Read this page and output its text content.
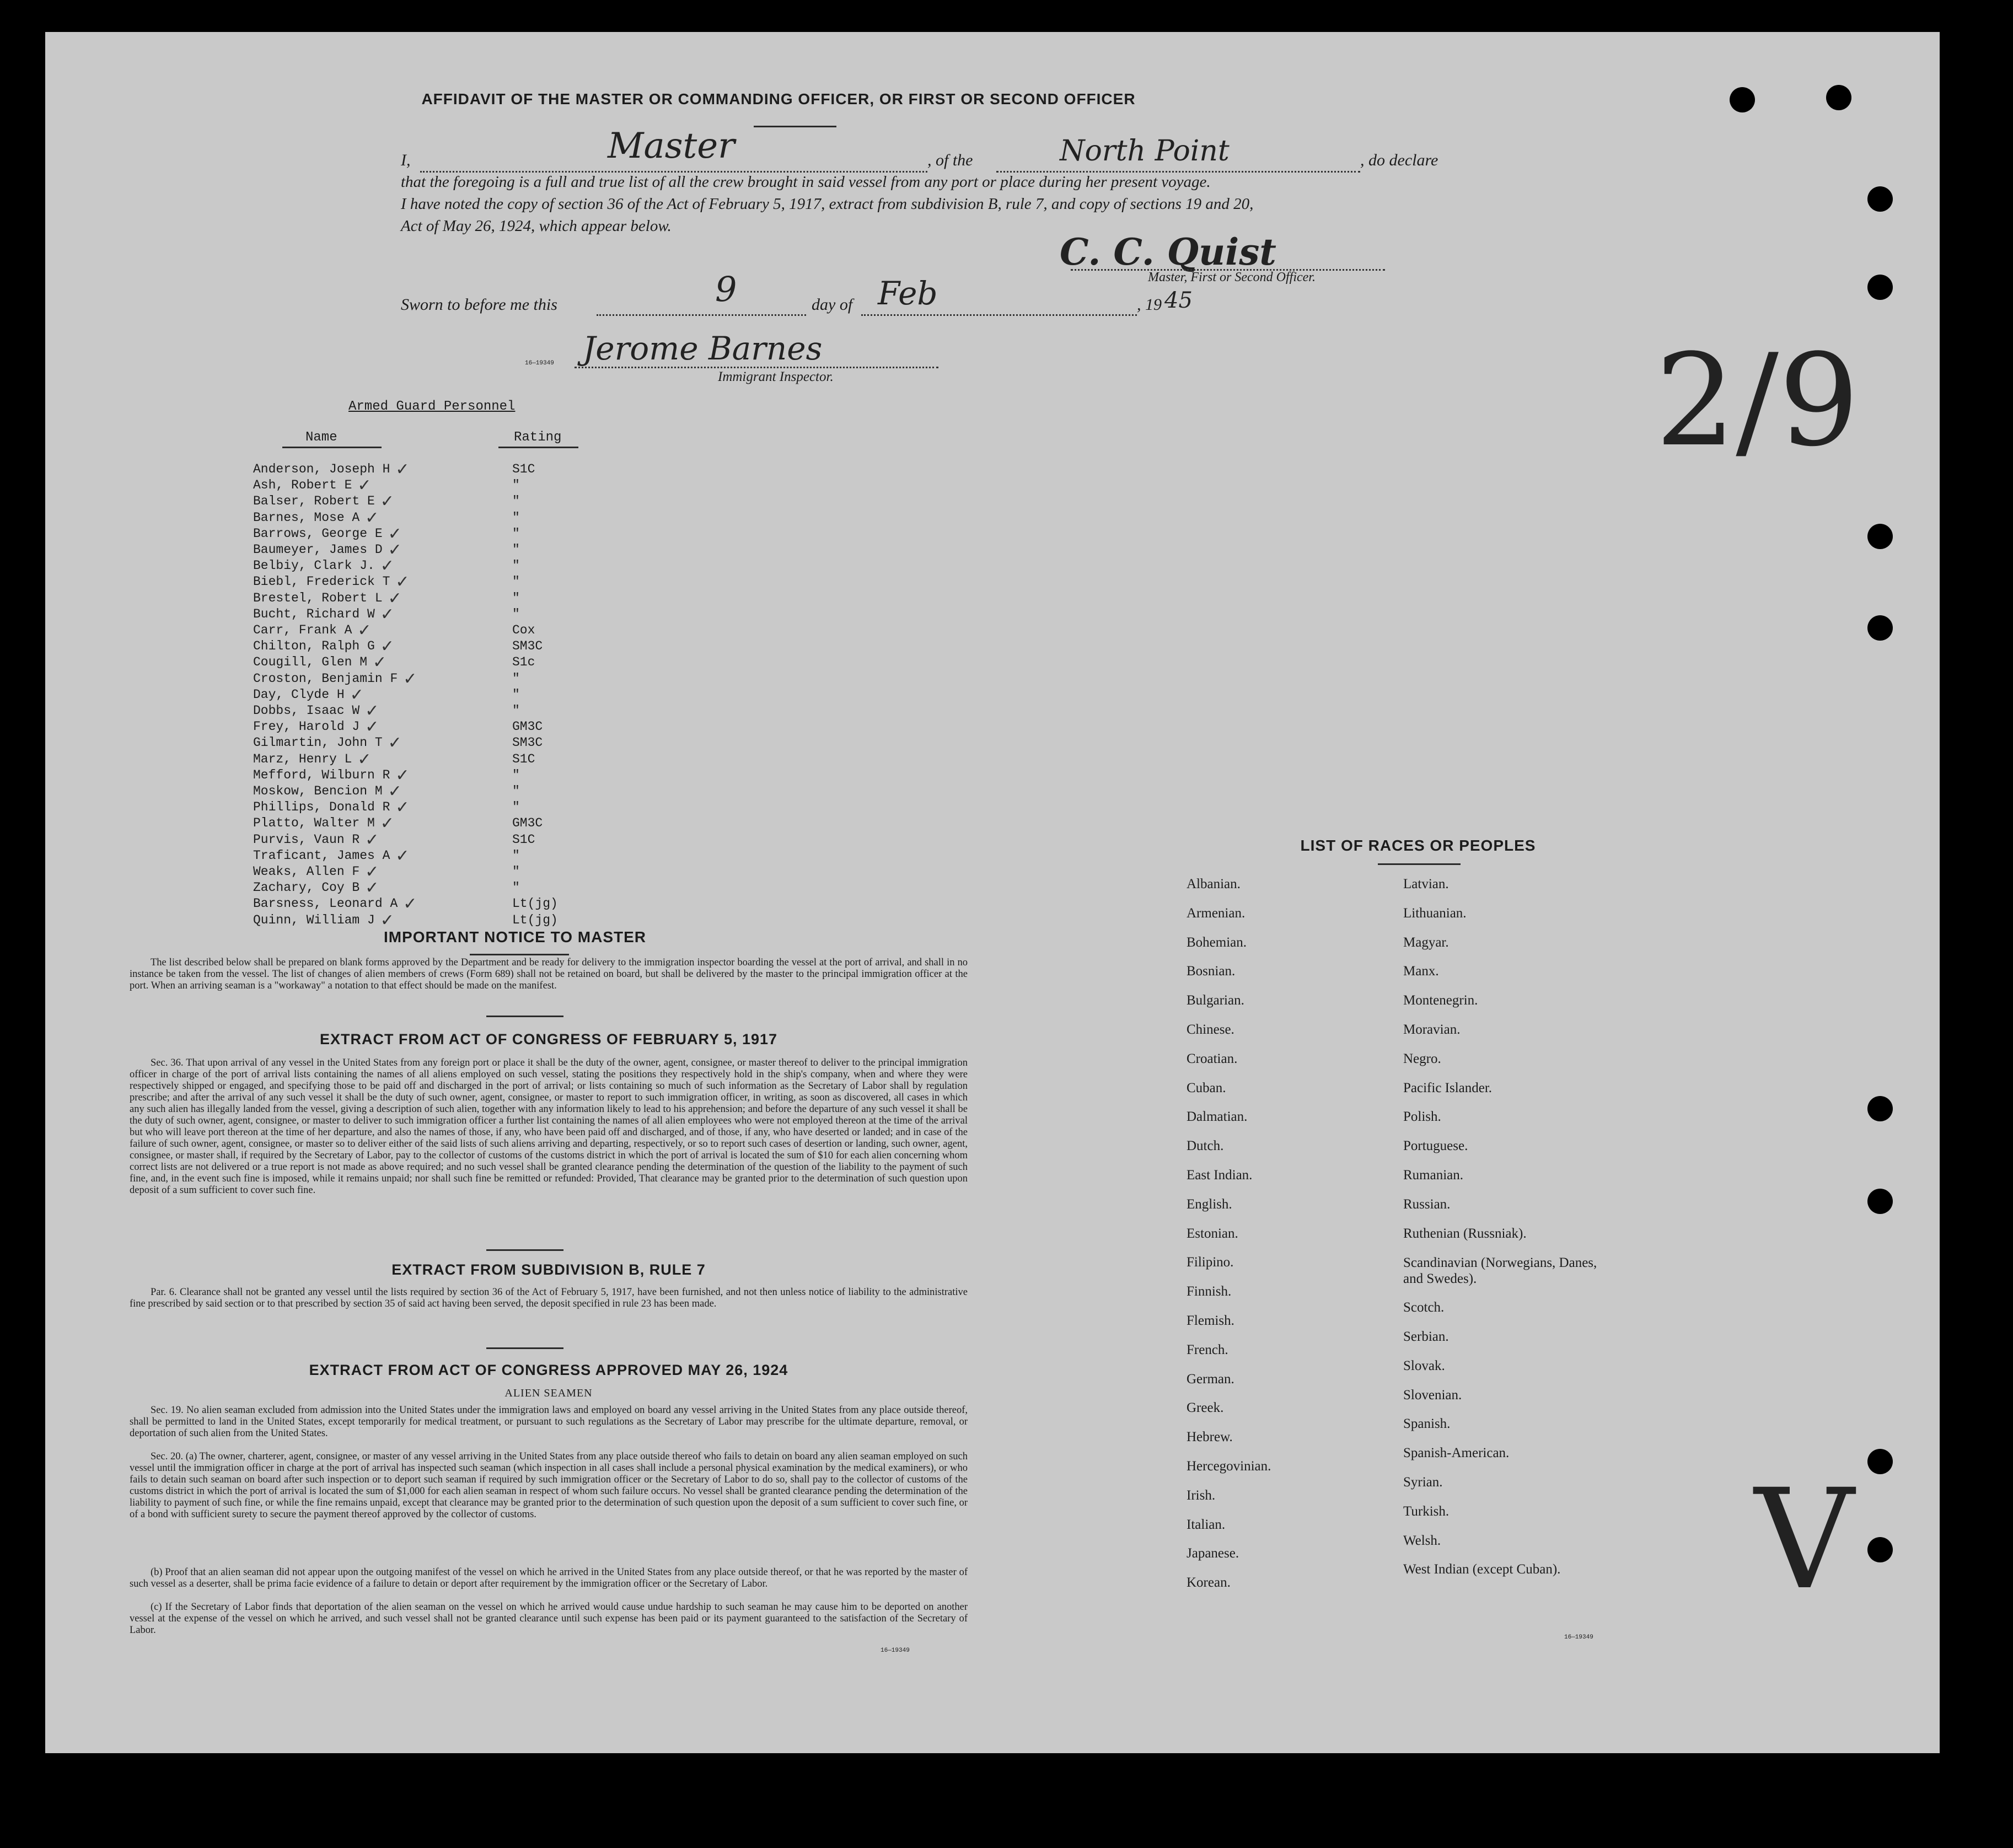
AFFIDAVIT OF THE MASTER OR COMMANDING OFFICER, OR FIRST OR SECOND OFFICER
I,	Master	, of the	North Point	, do declare
that the foregoing is a full and true list of all the crew brought in said vessel from any port or place during her present voyage.
I have noted the copy of section 36 of the Act of February 5, 1917, extract from subdivision B, rule 7, and copy of sections 19 and 20,
Act of May 26, 1924, which appear below.
C. C. Quist
Master, First or Second Officer.
Sworn to before me this	9	day of Feb	, 19 45
16—19349 Jerome Barnes
Immigrant Inspector.	2/9
Armed Guard Personnel
Name	Rating
Anderson, Joseph H ✓	S1C
Ash, Robert E ✓	"
Balser, Robert E ✓	"
Barnes, Mose A ✓	"
Barrows, George E ✓	"
Baumeyer, James D ✓	"
Belbiy, Clark J. ✓	"
Biebl, Frederick T ✓	"
Brestel, Robert L ✓	"
Bucht, Richard W ✓	"
Carr, Frank A ✓	Cox
Chilton, Ralph G ✓	SM3C
Cougill, Glen M ✓	S1c
Croston, Benjamin F ✓	"
Day, Clyde H ✓	"
Dobbs, Isaac W ✓	"
Frey, Harold J ✓	GM3C
Gilmartin, John T ✓	SM3C
Marz, Henry L ✓	S1C
Mefford, Wilburn R ✓	"
Moskow, Bencion M ✓	"
Phillips, Donald R ✓	"
Platto, Walter M ✓	GM3C
Purvis, Vaun R ✓	S1C
Traficant, James A ✓	"
Weaks, Allen F ✓	"
Zachary, Coy B ✓	"
Barsness, Leonard A ✓	Lt(jg)
Quinn, William J ✓	Lt(jg)
IMPORTANT NOTICE TO MASTER
The list described below shall be prepared on blank forms approved by the Department and be ready for delivery to the immigration inspector boarding the vessel at the port of arrival, and shall in no instance be taken from the vessel. The list of changes of alien members of crews (Form 689) shall not be retained on board, but shall be delivered by the master to the principal immigration officer at the port. When an arriving seaman is a "workaway" a notation to that effect should be made on the manifest.
EXTRACT FROM ACT OF CONGRESS OF FEBRUARY 5, 1917
Sec. 36. That upon arrival of any vessel in the United States from any foreign port or place it shall be the duty of the owner, agent, consignee, or master thereof to deliver to the principal immigration officer in charge of the port of arrival lists containing the names of all aliens employed on such vessel, stating the positions they respectively hold in the ship's company, when and where they were respectively shipped or engaged, and specifying those to be paid off and discharged in the port of arrival; or lists containing so much of such information as the Secretary of Labor shall by regulation prescribe; and after the arrival of any such vessel it shall be the duty of such owner, agent, consignee, or master to report to such immigration officer, in writing, as soon as discovered, all cases in which any such alien has illegally landed from the vessel, giving a description of such alien, together with any information likely to lead to his apprehension; and before the departure of any such vessel it shall be the duty of such owner, agent, consignee, or master to deliver to such immigration officer a further list containing the names of all alien employees who were not employed thereon at the time of the arrival but who will leave port thereon at the time of her departure, and also the names of those, if any, who have been paid off and discharged, and of those, if any, who have deserted or landed; and in case of the failure of such owner, agent, consignee, or master so to deliver either of the said lists of such aliens arriving and departing, respectively, or so to report such cases of desertion or landing, such owner, agent, consignee, or master shall, if required by the Secretary of Labor, pay to the collector of customs of the customs district in which the port of arrival is located the sum of $10 for each alien concerning whom correct lists are not delivered or a true report is not made as above required; and no such vessel shall be granted clearance pending the determination of the question of the liability to the payment of such fine, and, in the event such fine is imposed, while it remains unpaid; nor shall such fine be remitted or refunded: Provided, That clearance may be granted prior to the determination of such question upon deposit of a sum sufficient to cover such fine.
EXTRACT FROM SUBDIVISION B, RULE 7
Par. 6. Clearance shall not be granted any vessel until the lists required by section 36 of the Act of February 5, 1917, have been furnished, and not then unless notice of liability to the administrative fine prescribed by said section or to that prescribed by section 35 of said act having been served, the deposit specified in rule 23 has been made.
EXTRACT FROM ACT OF CONGRESS APPROVED MAY 26, 1924
ALIEN SEAMEN
Sec. 19. No alien seaman excluded from admission into the United States under the immigration laws and employed on board any vessel arriving in the United States from any place outside thereof, shall be permitted to land in the United States, except temporarily for medical treatment, or pursuant to such regulations as the Secretary of Labor may prescribe for the ultimate departure, removal, or deportation of such alien from the United States.
Sec. 20. (a) The owner, charterer, agent, consignee, or master of any vessel arriving in the United States from any place outside thereof who fails to detain on board any alien seaman employed on such vessel until the immigration officer in charge at the port of arrival has inspected such seaman (which inspection in all cases shall include a personal physical examination by the medical examiners), or who fails to detain such seaman on board after such inspection or to deport such seaman if required by such immigration officer or the Secretary of Labor to do so, shall pay to the collector of customs of the customs district in which the port of arrival is located the sum of $1,000 for each alien seaman in respect of whom such failure occurs. No vessel shall be granted clearance pending the determination of the liability to payment of such fine, or while the fine remains unpaid, except that clearance may be granted prior to the determination of such question upon the deposit of a sum sufficient to cover such fine, or of a bond with sufficient surety to secure the payment thereof approved by the collector of customs.
(b) Proof that an alien seaman did not appear upon the outgoing manifest of the vessel on which he arrived in the United States from any place outside thereof, or that he was reported by the master of such vessel as a deserter, shall be prima facie evidence of a failure to detain or deport after requirement by the immigration officer or the Secretary of Labor.
(c) If the Secretary of Labor finds that deportation of the alien seaman on the vessel on which he arrived would cause undue hardship to such seaman he may cause him to be deported on another vessel at the expense of the vessel on which he arrived, and such vessel shall not be granted clearance until such expense has been paid or its payment guaranteed to the satisfaction of the Secretary of Labor.
16—19349
LIST OF RACES OR PEOPLES
Albanian.
Armenian.
Bohemian.
Bosnian.
Bulgarian.
Chinese.
Croatian.
Cuban.
Dalmatian.
Dutch.
East Indian.
English.
Estonian.
Filipino.
Finnish.
Flemish.
French.
German.
Greek.
Hebrew.
Hercegovinian.
Irish.
Italian.
Japanese.
Korean.
Latvian.
Lithuanian.
Magyar.
Manx.
Montenegrin.
Moravian.
Negro.
Pacific Islander.
Polish.
Portuguese.
Rumanian.
Russian.
Ruthenian (Russniak).
Scandinavian (Norwegians, Danes, and Swedes).
Scotch.
Serbian.
Slovak.
Slovenian.
Spanish.
Spanish-American.
Syrian.
Turkish.
Welsh.
West Indian (except Cuban).
16—19349
V
